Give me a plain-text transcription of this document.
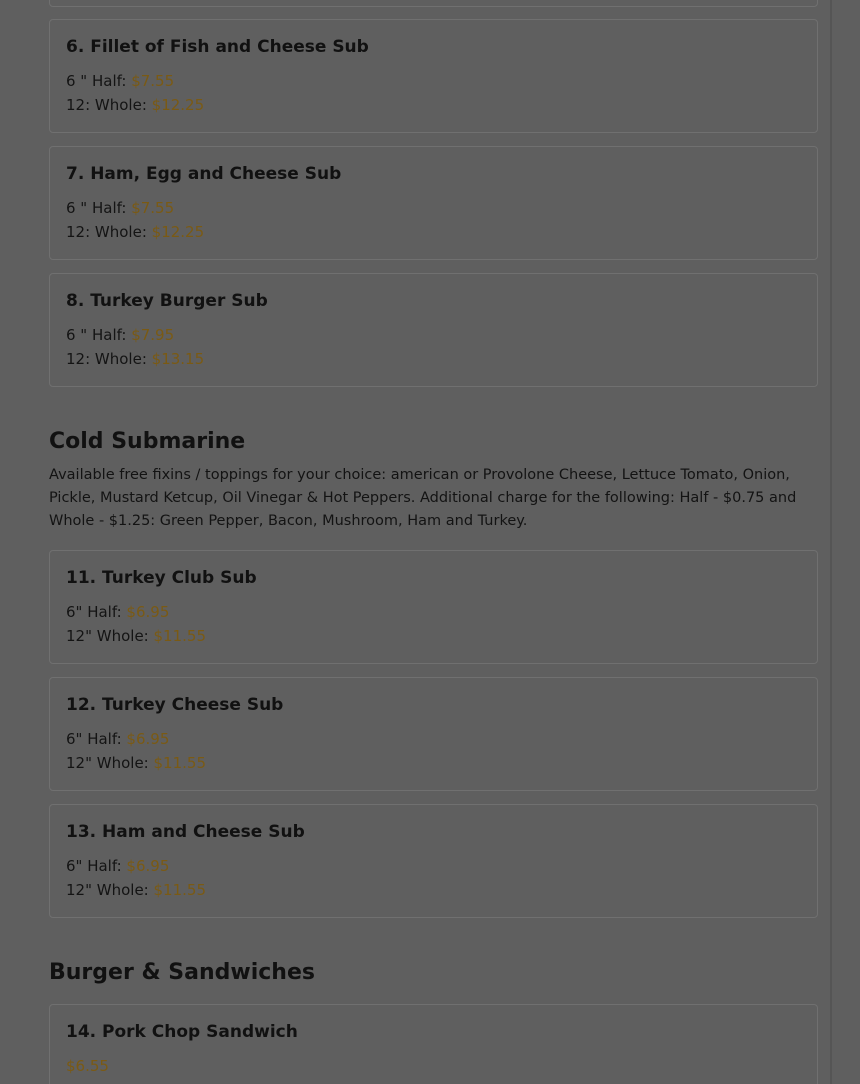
6. Fillet of Fish and Cheese Sub
6 " Half: $7.55
12: Whole: $12.25
7. Ham, Egg and Cheese Sub
6 " Half: $7.55
12: Whole: $12.25
8. Turkey Burger Sub
6 " Half: $7.95
12: Whole: $13.15
Cold Submarine

Available free fixins / toppings for your choice: american or Provolone Cheese, Lettuce Tomato, Onion, Pickle, Mustard Ketcup, Oil Vinegar & Hot Peppers. Additional charge for the following: Half - $0.75 and Whole - $1.25: Green Pepper, Bacon, Mushroom, Ham and Turkey.

11. Turkey Club Sub
6" Half: $6.95
12" Whole: $11.55
12. Turkey Cheese Sub
6" Half: $6.95
12" Whole: $11.55
13. Ham and Cheese Sub
6" Half: $6.95
12" Whole: $11.55
Burger & Sandwiches
14. Pork Chop Sandwich
$6.55
